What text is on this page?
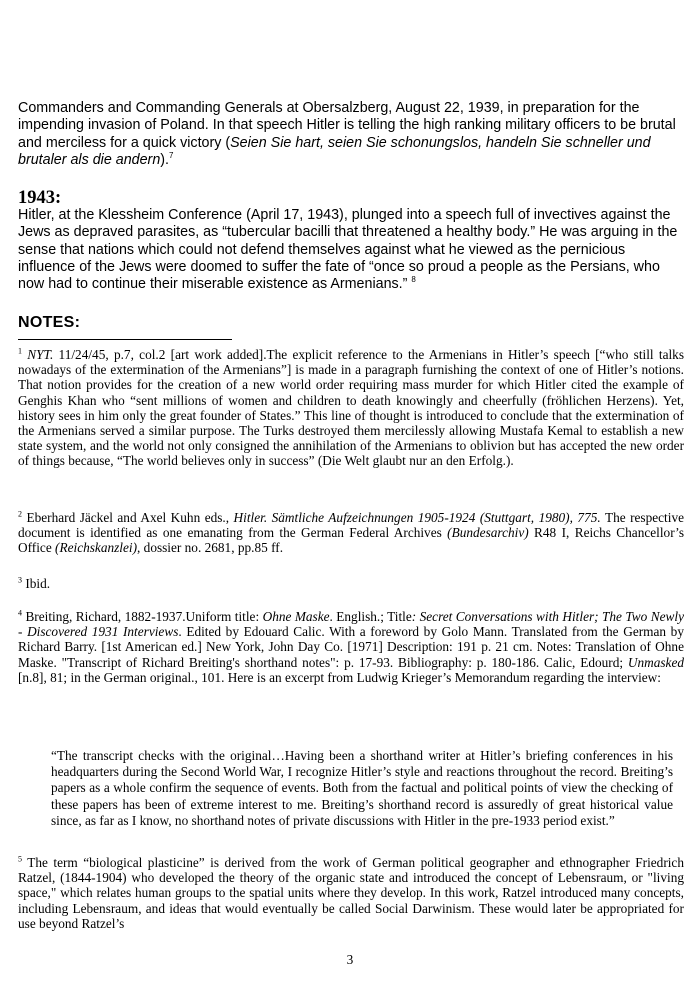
Commanders and Commanding Generals at Obersalzberg, August 22, 1939, in preparation for the impending invasion of Poland. In that speech Hitler is telling the high ranking military officers to be brutal and merciless for a quick victory (Seien Sie hart, seien Sie schonungslos, handeln Sie schneller und brutaler als die andern).$^7$

1943:

Hitler, at the Klessheim Conference (April 17, 1943), plunged into a speech full of invectives against the Jews as depraved parasites, as “tubercular bacilli that threatened a healthy body.” He was arguing in the sense that nations which could not defend themselves against what he viewed as the pernicious influence of the Jews were doomed to suffer the fate of “once so proud a people as the Persians, who now had to continue their miserable existence as Armenians.” $^8$

NOTES:

$^1$ NYT. 11/24/45, p.7, col.2 [art work added].The explicit reference to the Armenians in Hitler’s speech [“who still talks nowadays of the extermination of the Armenians”] is made in a paragraph furnishing the context of one of Hitler’s notions. That notion provides for the creation of a new world order requiring mass murder for which Hitler cited the example of Genghis Khan who “sent millions of women and children to death knowingly and cheerfully (fröhlichen Herzens). Yet, history sees in him only the great founder of States.” This line of thought is introduced to conclude that the extermination of the Armenians served a similar purpose. The Turks destroyed them mercilessly allowing Mustafa Kemal to establish a new state system, and the world not only consigned the annihilation of the Armenians to oblivion but has accepted the new order of things because, “The world believes only in success” (Die Welt glaubt nur an den Erfolg.).

$^2$ Eberhard Jäckel and Axel Kuhn eds., Hitler. Sämtliche Aufzeichnungen 1905-1924 (Stuttgart, 1980), 775. The respective document is identified as one emanating from the German Federal Archives (Bundesarchiv) R48 I, Reichs Chancellor’s Office (Reichskanzlei), dossier no. 2681, pp.85 ff.

$^3$ Ibid.

$^4$ Breiting, Richard, 1882-1937.Uniform title: Ohne Maske. English.; Title: Secret Conversations with Hitler; The Two Newly - Discovered 1931 Interviews. Edited by Edouard Calic. With a foreword by Golo Mann. Translated from the German by Richard Barry. [1st American ed.] New York, John Day Co. [1971] Description: 191 p. 21 cm. Notes: Translation of Ohne Maske. "Transcript of Richard Breiting's shorthand notes": p. 17-93. Bibliography: p. 180-186. Calic, Edourd; Unmasked [n.8], 81; in the German original., 101. Here is an excerpt from Ludwig Krieger’s Memorandum regarding the interview:

“The transcript checks with the original…Having been a shorthand writer at Hitler’s briefing conferences in his headquarters during the Second World War, I recognize Hitler’s style and reactions throughout the record. Breiting’s papers as a whole confirm the sequence of events. Both from the factual and political points of view the checking of these papers has been of extreme interest to me. Breiting’s shorthand record is assuredly of great historical value since, as far as I know, no shorthand notes of private discussions with Hitler in the pre-1933 period exist.”

$^5$ The term “biological plasticine” is derived from the work of German political geographer and ethnographer Friedrich Ratzel, (1844-1904) who developed the theory of the organic state and introduced the concept of Lebensraum, or "living space," which relates human groups to the spatial units where they develop. In this work, Ratzel introduced many concepts, including Lebensraum, and ideas that would eventually be called Social Darwinism. These would later be appropriated for use beyond Ratzel’s

3
